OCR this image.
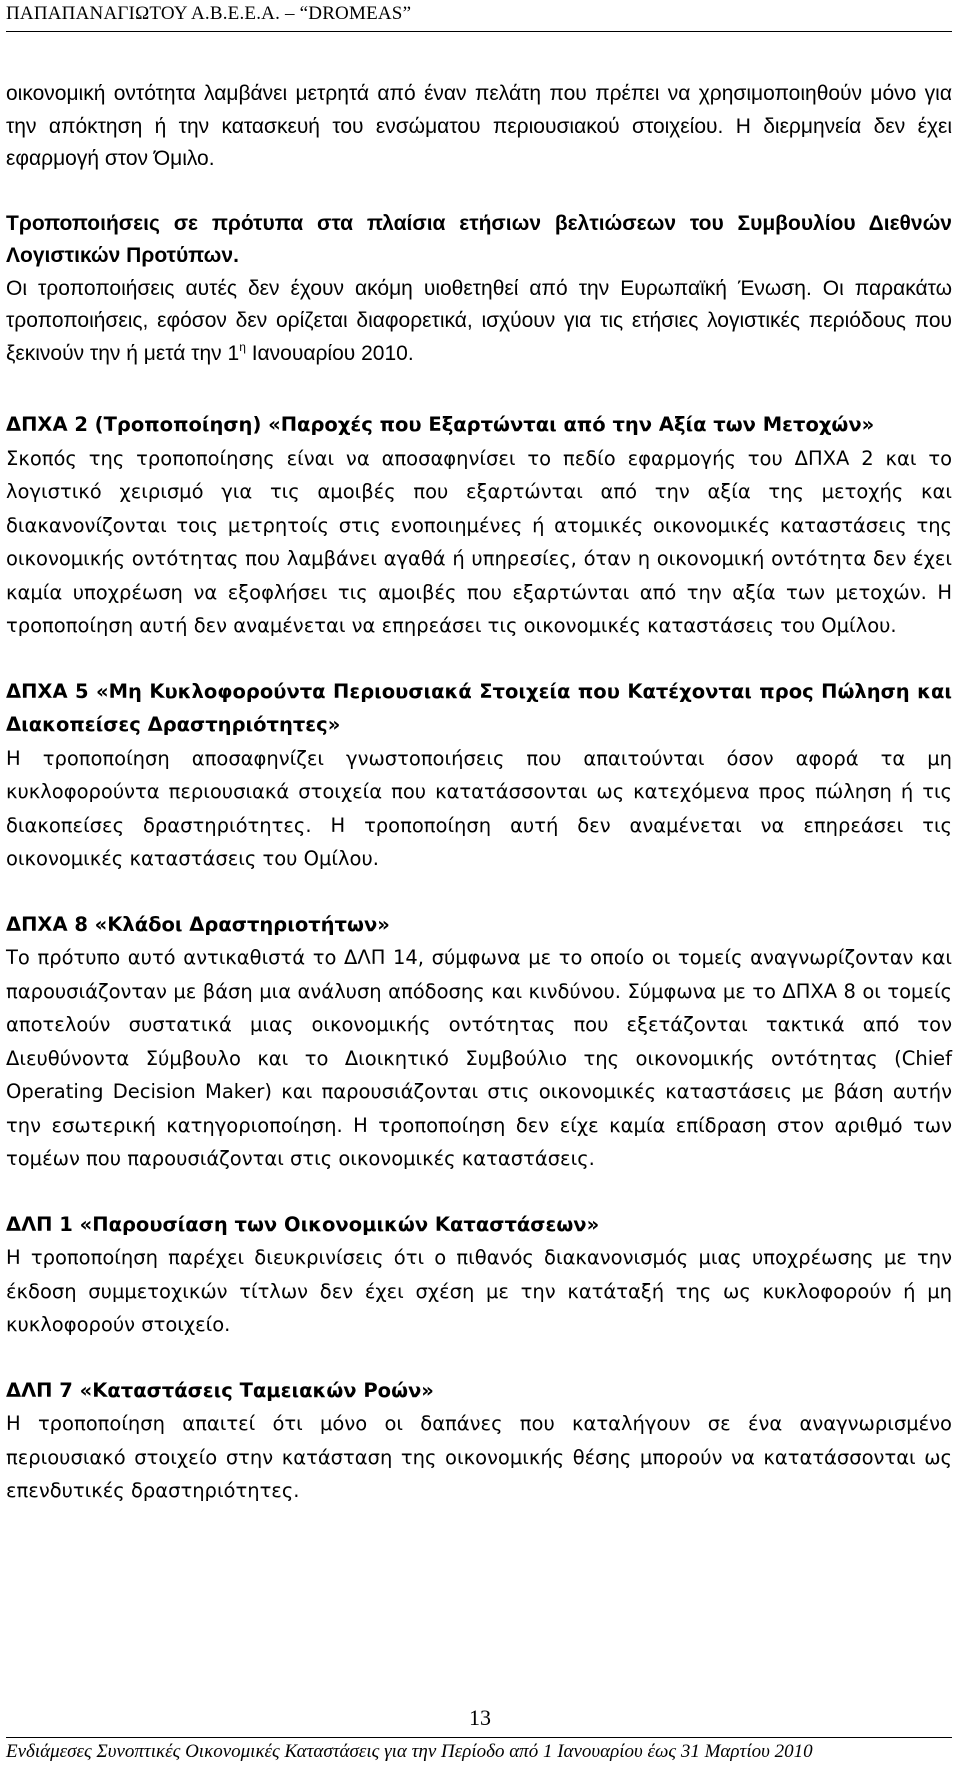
ΠΑΠΑΠΑΝΑΓΙΩΤΟΥ Α.Β.Ε.Ε.Α. – “DROMEAS”

οικονομική οντότητα λαμβάνει μετρητά από έναν πελάτη που πρέπει να χρησιμοποιηθούν μόνο για την απόκτηση ή την κατασκευή του ενσώματου περιουσιακού στοιχείου. Η διερμηνεία δεν έχει εφαρμογή στον Όμιλο.

Τροποποιήσεις σε πρότυπα στα πλαίσια ετήσιων βελτιώσεων του Συμβουλίου Διεθνών Λογιστικών Προτύπων.

Οι τροποποιήσεις αυτές δεν έχουν ακόμη υιοθετηθεί από την Ευρωπαϊκή Ένωση. Οι παρακάτω τροποποιήσεις, εφόσον δεν ορίζεται διαφορετικά, ισχύουν για τις ετήσιες λογιστικές περιόδους που ξεκινούν την ή μετά την $1^\eta$ Ιανουαρίου 2010.

ΔΠΧΑ 2 (Τροποποίηση) «Παροχές που Εξαρτώνται από την Αξία των Μετοχών»

Σκοπός της τροποποίησης είναι να αποσαφηνίσει το πεδίο εφαρμογής του ΔΠΧΑ 2 και το λογιστικό χειρισμό για τις αμοιβές που εξαρτώνται από την αξία της μετοχής και διακανονίζονται τοις μετρητοίς στις ενοποιημένες ή ατομικές οικονομικές καταστάσεις της οικονομικής οντότητας που λαμβάνει αγαθά ή υπηρεσίες, όταν η οικονομική οντότητα δεν έχει καμία υποχρέωση να εξοφλήσει τις αμοιβές που εξαρτώνται από την αξία των μετοχών. Η τροποποίηση αυτή δεν αναμένεται να επηρεάσει τις οικονομικές καταστάσεις του Ομίλου.

ΔΠΧΑ 5 «Μη Κυκλοφορούντα Περιουσιακά Στοιχεία που Κατέχονται προς Πώληση και Διακοπείσες Δραστηριότητες»

Η τροποποίηση αποσαφηνίζει γνωστοποιήσεις που απαιτούνται όσον αφορά τα μη κυκλοφορούντα περιουσιακά στοιχεία που κατατάσσονται ως κατεχόμενα προς πώληση ή τις διακοπείσες δραστηριότητες. Η τροποποίηση αυτή δεν αναμένεται να επηρεάσει τις οικονομικές καταστάσεις του Ομίλου.

ΔΠΧΑ 8 «Κλάδοι Δραστηριοτήτων»

Το πρότυπο αυτό αντικαθιστά το ΔΛΠ 14, σύμφωνα με το οποίο οι τομείς αναγνωρίζονταν και παρουσιάζονταν με βάση μια ανάλυση απόδοσης και κινδύνου. Σύμφωνα με το ΔΠΧΑ 8 οι τομείς αποτελούν συστατικά μιας οικονομικής οντότητας που εξετάζονται τακτικά από τον Διευθύνοντα Σύμβουλο και το Διοικητικό Συμβούλιο της οικονομικής οντότητας (Chief Operating Decision Maker) και παρουσιάζονται στις οικονομικές καταστάσεις με βάση αυτήν την εσωτερική κατηγοριοποίηση. Η τροποποίηση δεν είχε καμία επίδραση στον αριθμό των τομέων που παρουσιάζονται στις οικονομικές καταστάσεις.

ΔΛΠ 1 «Παρουσίαση των Οικονομικών Καταστάσεων»

Η τροποποίηση παρέχει διευκρινίσεις ότι ο πιθανός διακανονισμός μιας υποχρέωσης με την έκδοση συμμετοχικών τίτλων δεν έχει σχέση με την κατάταξή της ως κυκλοφορούν ή μη κυκλοφορούν στοιχείο.

ΔΛΠ 7 «Καταστάσεις Ταμειακών Ροών»

Η τροποποίηση απαιτεί ότι μόνο οι δαπάνες που καταλήγουν σε ένα αναγνωρισμένο περιουσιακό στοιχείο στην κατάσταση της οικονομικής θέσης μπορούν να κατατάσσονται ως επενδυτικές δραστηριότητες.

13
Ενδιάμεσες Συνοπτικές Οικονομικές Καταστάσεις για την Περίοδο από 1 Ιανουαρίου έως 31 Μαρτίου 2010
